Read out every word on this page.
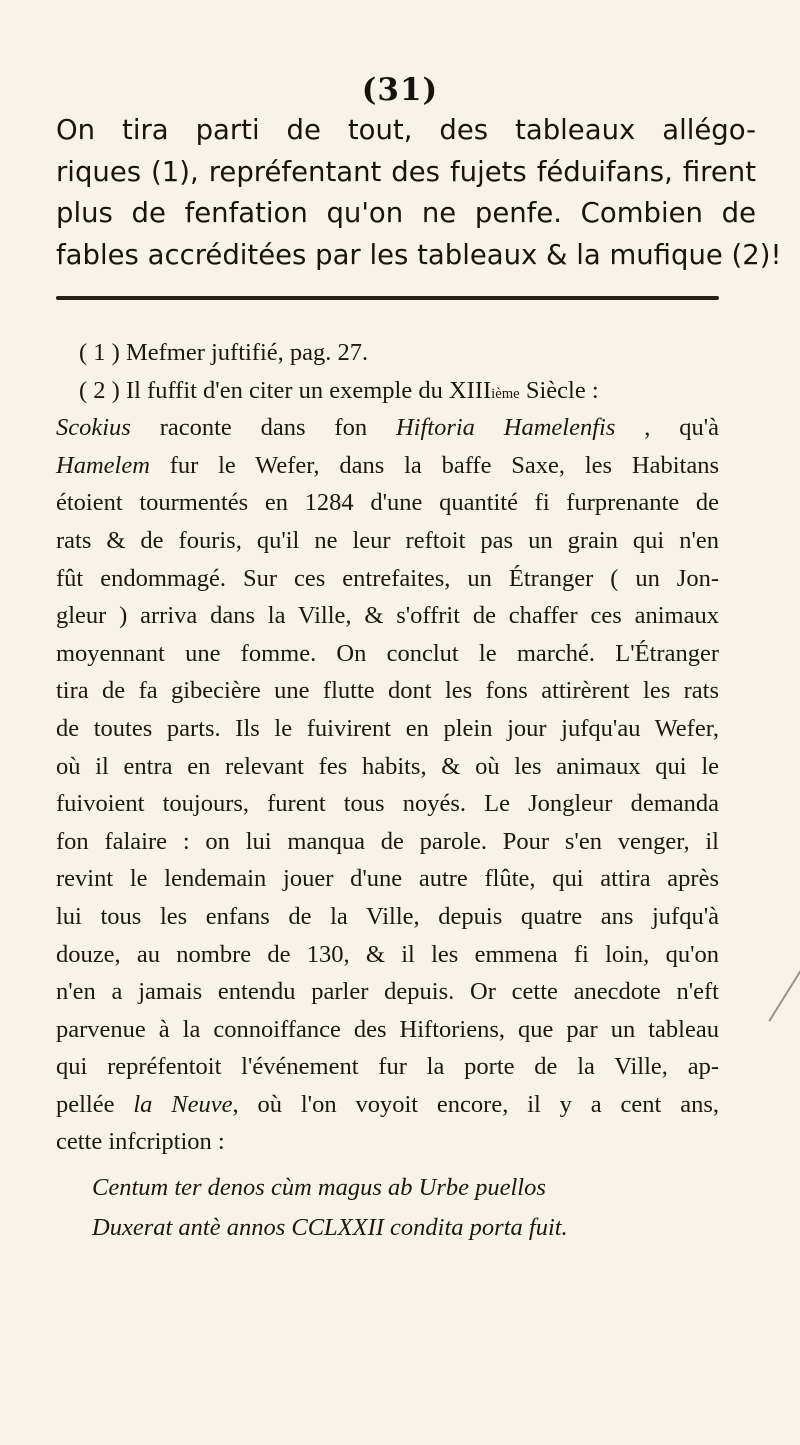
(31)
On tira parti de tout, des tableaux allégo-
riques (1), repréfentant des fujets féduifans, firent
plus de fenfation qu'on ne penfe. Combien de
fables accréditées par les tableaux & la mufique (2)!
( 1 ) Mefmer juftifié, pag. 27.
( 2 ) Il fuffit d'en citer un exemple du XIIIième Siècle :
Scokius raconte dans fon Hiftoria Hamelenfis , qu'à
Hamelem fur le Wefer, dans la baffe Saxe, les Habitans
étoient tourmentés en 1284 d'une quantité fi furprenante de
rats & de fouris, qu'il ne leur reftoit pas un grain qui n'en
fût endommagé. Sur ces entrefaites, un Étranger ( un Jon-
gleur ) arriva dans la Ville, & s'offrit de chaffer ces animaux
moyennant une fomme. On conclut le marché. L'Étranger
tira de fa gibecière une flutte dont les fons attirèrent les rats
de toutes parts. Ils le fuivirent en plein jour jufqu'au Wefer,
où il entra en relevant fes habits, & où les animaux qui le
fuivoient toujours, furent tous noyés. Le Jongleur demanda
fon falaire : on lui manqua de parole. Pour s'en venger, il
revint le lendemain jouer d'une autre flûte, qui attira après
lui tous les enfans de la Ville, depuis quatre ans jufqu'à
douze, au nombre de 130, & il les emmena fi loin, qu'on
n'en a jamais entendu parler depuis. Or cette anecdote n'eft
parvenue à la connoiffance des Hiftoriens, que par un tableau
qui repréfentoit l'événement fur la porte de la Ville, ap-
pellée la Neuve, où l'on voyoit encore, il y a cent ans,
cette infcription :
Centum ter denos cùm magus ab Urbe puellos
Duxerat antè annos CCLXXII condita porta fuit.
